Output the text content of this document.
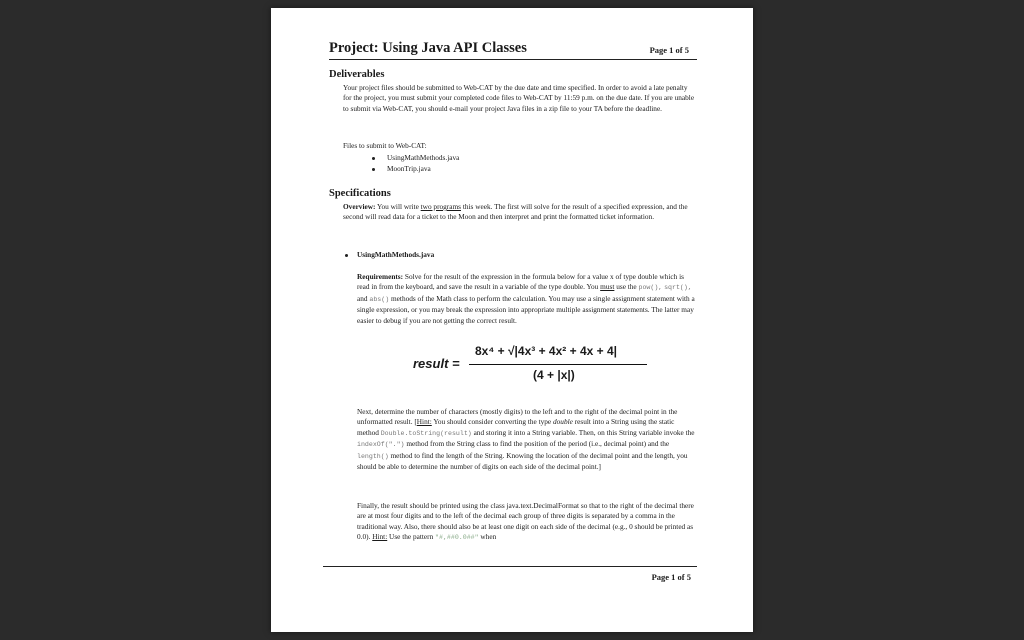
Project: Using Java API Classes	Page 1 of 5
Deliverables
Your project files should be submitted to Web-CAT by the due date and time specified. In order to avoid a late penalty for the project, you must submit your completed code files to Web-CAT by 11:59 p.m. on the due date. If you are unable to submit via Web-CAT, you should e-mail your project Java files in a zip file to your TA before the deadline.
Files to submit to Web-CAT:
UsingMathMethods.java
MoonTrip.java
Specifications
Overview: You will write two programs this week. The first will solve for the result of a specified expression, and the second will read data for a ticket to the Moon and then interpret and print the formatted ticket information.
UsingMathMethods.java
Requirements: Solve for the result of the expression in the formula below for a value x of type double which is read in from the keyboard, and save the result in a variable of the type double. You must use the pow(), sqrt(), and abs() methods of the Math class to perform the calculation. You may use a single assignment statement with a single expression, or you may break the expression into appropriate multiple assignment statements. The latter may easier to debug if you are not getting the correct result.
result =
8x⁴ + √|4x³ + 4x² + 4x + 4|
(4 + |x|)
Next, determine the number of characters (mostly digits) to the left and to the right of the decimal point in the unformatted result. [Hint: You should consider converting the type double result into a String using the static method Double.toString(result) and storing it into a String variable. Then, on this String variable invoke the indexOf(".") method from the String class to find the position of the period (i.e., decimal point) and the length() method to find the length of the String. Knowing the location of the decimal point and the length, you should be able to determine the number of digits on each side of the decimal point.]
Finally, the result should be printed using the class java.text.DecimalFormat so that to the right of the decimal there are at most four digits and to the left of the decimal each group of three digits is separated by a comma in the traditional way. Also, there should also be at least one digit on each side of the decimal (e.g., 0 should be printed as 0.0). Hint: Use the pattern "#,##0.0##" when
Page 1 of 5
